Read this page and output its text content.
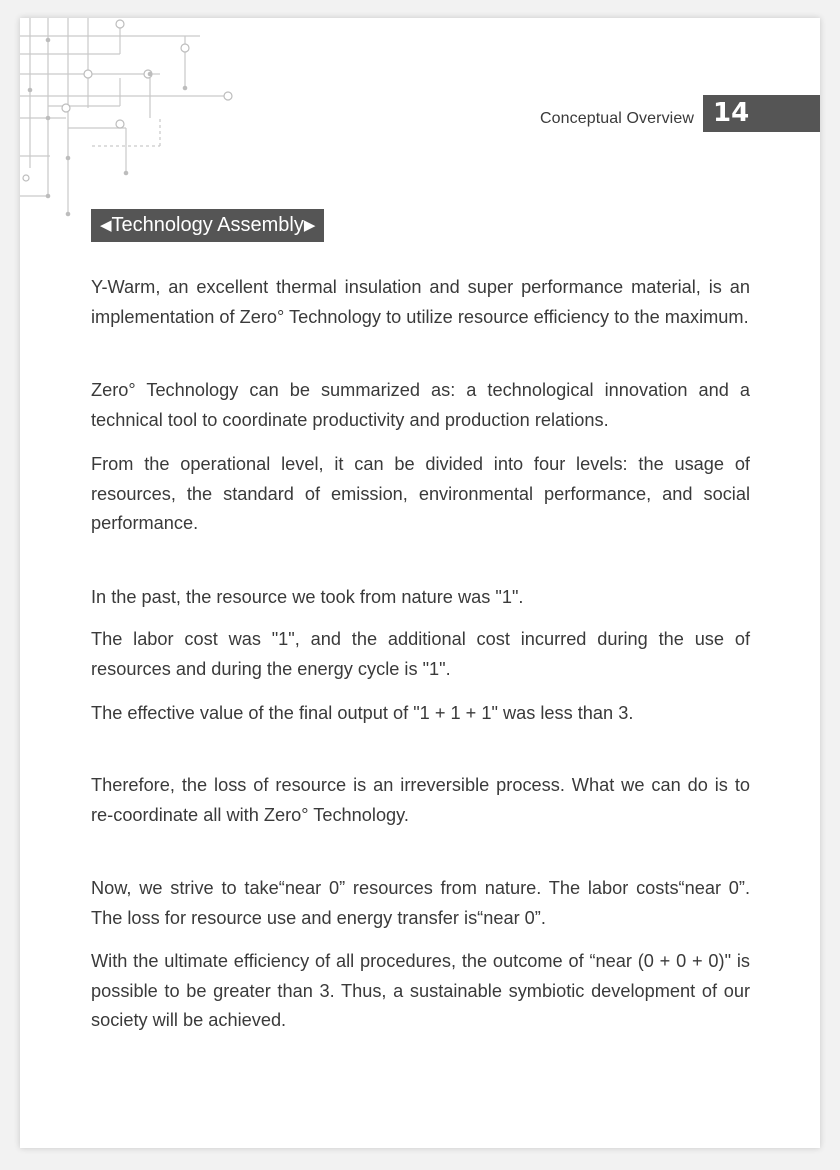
Conceptual Overview 14
◀Technology Assembly▶

Y-Warm, an excellent thermal insulation and super performance material, is an implementation of Zero° Technology to utilize resource efficiency to the maximum.

Zero° Technology can be summarized as: a technological innovation and a technical tool to coordinate productivity and production relations.

From the operational level, it can be divided into four levels: the usage of resources, the standard of emission, environmental performance, and social performance.

In the past, the resource we took from nature was "1".

The labor cost was "1", and the additional cost incurred during the use of resources and during the energy cycle is "1".

The effective value of the final output of "1 + 1 + 1" was less than 3.

Therefore, the loss of resource is an irreversible process. What we can do is to re-coordinate all with Zero° Technology.

Now, we strive to take“near 0” resources from nature. The labor costs“near 0”. The loss for resource use and energy transfer is“near 0”.

With the ultimate efficiency of all procedures, the outcome of “near (0 + 0 + 0)" is possible to be greater than 3. Thus, a sustainable symbiotic development of our society will be achieved.
